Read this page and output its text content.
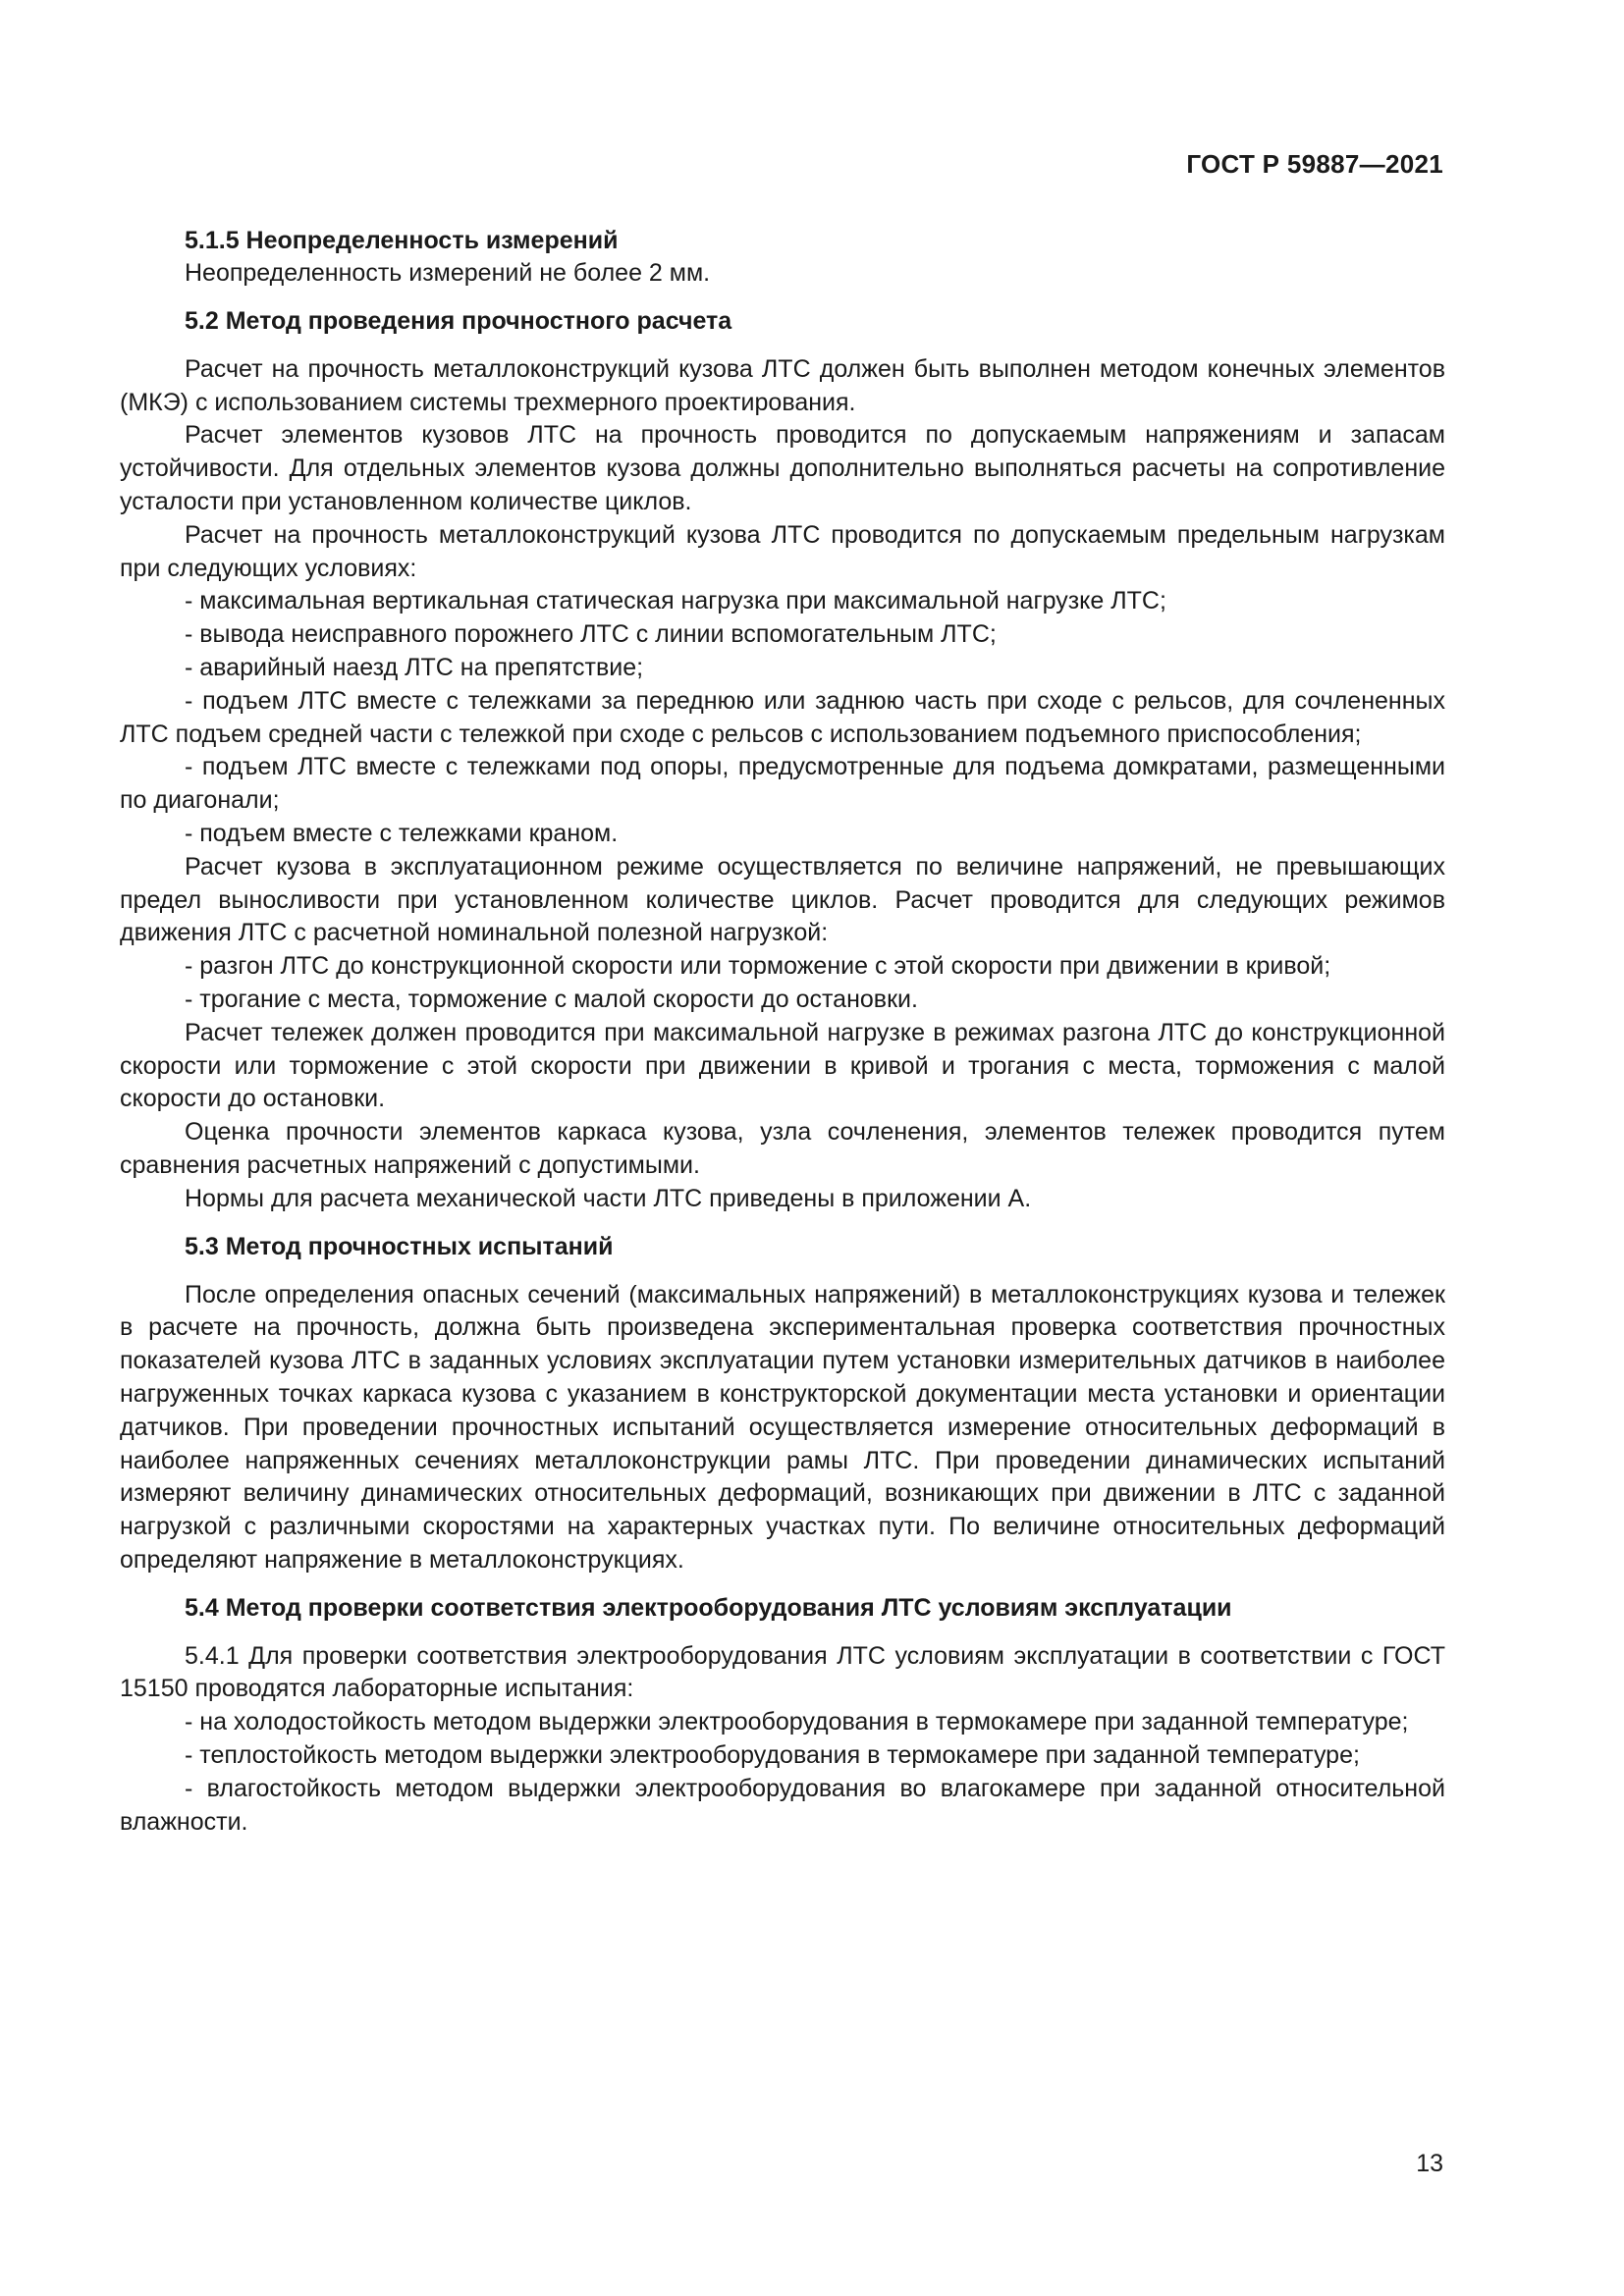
ГОСТ Р 59887—2021

5.1.5 Неопределенность измерений

Неопределенность измерений не более 2 мм.

5.2 Метод проведения прочностного расчета

Расчет на прочность металлоконструкций кузова ЛТС должен быть выполнен методом конечных элементов (МКЭ) с использованием системы трехмерного проектирования.

Расчет элементов кузовов ЛТС на прочность проводится по допускаемым напряжениям и запасам устойчивости. Для отдельных элементов кузова должны дополнительно выполняться расчеты на сопротивление усталости при установленном количестве циклов.

Расчет на прочность металлоконструкций кузова ЛТС проводится по допускаемым предельным нагрузкам при следующих условиях:

- максимальная вертикальная статическая нагрузка при максимальной нагрузке ЛТС;

- вывода неисправного порожнего ЛТС с линии вспомогательным ЛТС;

- аварийный наезд ЛТС на препятствие;

- подъем ЛТС вместе с тележками за переднюю или заднюю часть при сходе с рельсов, для сочлененных ЛТС подъем средней части с тележкой при сходе с рельсов с использованием подъемного приспособления;

- подъем ЛТС вместе с тележками под опоры, предусмотренные для подъема домкратами, размещенными по диагонали;

- подъем вместе с тележками краном.

Расчет кузова в эксплуатационном режиме осуществляется по величине напряжений, не превышающих предел выносливости при установленном количестве циклов. Расчет проводится для следующих режимов движения ЛТС с расчетной номинальной полезной нагрузкой:

- разгон ЛТС до конструкционной скорости или торможение с этой скорости при движении в кривой;

- трогание с места, торможение с малой скорости до остановки.

Расчет тележек должен проводится при максимальной нагрузке в режимах разгона ЛТС до конструкционной скорости или торможение с этой скорости при движении в кривой и трогания с места, торможения с малой скорости до остановки.

Оценка прочности элементов каркаса кузова, узла сочленения, элементов тележек проводится путем сравнения расчетных напряжений с допустимыми.

Нормы для расчета механической части ЛТС приведены в приложении А.

5.3 Метод прочностных испытаний

После определения опасных сечений (максимальных напряжений) в металлоконструкциях кузова и тележек в расчете на прочность, должна быть произведена экспериментальная проверка соответствия прочностных показателей кузова ЛТС в заданных условиях эксплуатации путем установки измерительных датчиков в наиболее нагруженных точках каркаса кузова с указанием в конструкторской документации места установки и ориентации датчиков. При проведении прочностных испытаний осуществляется измерение относительных деформаций в наиболее напряженных сечениях металлоконструкции рамы ЛТС. При проведении динамических испытаний измеряют величину динамических относительных деформаций, возникающих при движении в ЛТС с заданной нагрузкой с различными скоростями на характерных участках пути. По величине относительных деформаций определяют напряжение в металлоконструкциях.

5.4 Метод проверки соответствия электрооборудования ЛТС условиям эксплуатации

5.4.1 Для проверки соответствия электрооборудования ЛТС условиям эксплуатации в соответствии с ГОСТ 15150 проводятся лабораторные испытания:

- на холодостойкость методом выдержки электрооборудования в термокамере при заданной температуре;

- теплостойкость методом выдержки электрооборудования в термокамере при заданной температуре;

- влагостойкость методом выдержки электрооборудования во влагокамере при заданной относительной влажности.

13
